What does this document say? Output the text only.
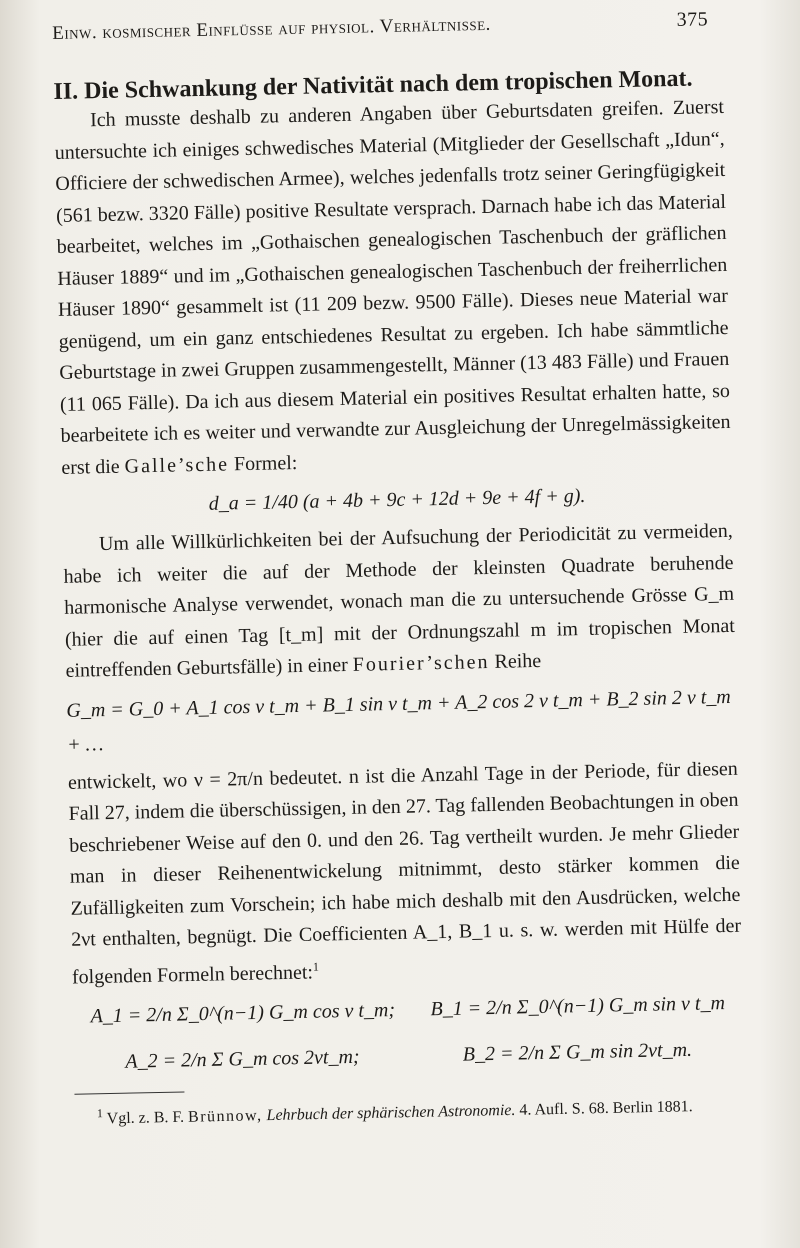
Einw. kosmischer Einflüsse auf physiol. Verhältnisse.	375
II. Die Schwankung der Nativität nach dem tropischen Monat.

Ich musste deshalb zu anderen Angaben über Geburtsdaten greifen. Zuerst untersuchte ich einiges schwedisches Material (Mitglieder der Gesellschaft „Idun“, Officiere der schwedischen Armee), welches jedenfalls trotz seiner Geringfügigkeit (561 bezw. 3320 Fälle) positive Resultate versprach. Darnach habe ich das Material bearbeitet, welches im „Gothaischen genealogischen Taschenbuch der gräflichen Häuser 1889“ und im „Gothaischen genealogischen Taschenbuch der freiherrlichen Häuser 1890“ gesammelt ist (11 209 bezw. 9500 Fälle). Dieses neue Material war genügend, um ein ganz entschiedenes Resultat zu ergeben. Ich habe sämmtliche Geburtstage in zwei Gruppen zusammengestellt, Männer (13 483 Fälle) und Frauen (11 065 Fälle). Da ich aus diesem Material ein positives Resultat erhalten hatte, so bearbeitete ich es weiter und verwandte zur Ausgleichung der Unregelmässigkeiten erst die Galle’sche Formel:

d_a = 1/40 (a + 4b + 9c + 12d + 9e + 4f + g).

Um alle Willkürlichkeiten bei der Aufsuchung der Periodicität zu vermeiden, habe ich weiter die auf der Methode der kleinsten Quadrate beruhende harmonische Analyse verwendet, wonach man die zu untersuchende Grösse G_m (hier die auf einen Tag [t_m] mit der Ordnungszahl m im tropischen Monat eintreffenden Geburtsfälle) in einer Fourier’schen Reihe

G_m = G_0 + A_1 cos ν t_m + B_1 sin ν t_m + A_2 cos 2 ν t_m + B_2 sin 2 ν t_m + …

entwickelt, wo ν = 2π/n bedeutet. n ist die Anzahl Tage in der Periode, für diesen Fall 27, indem die überschüssigen, in den 27. Tag fallenden Beobachtungen in oben beschriebener Weise auf den 0. und den 26. Tag vertheilt wurden. Je mehr Glieder man in dieser Reihenentwickelung mitnimmt, desto stärker kommen die Zufälligkeiten zum Vorschein; ich habe mich deshalb mit den Ausdrücken, welche 2νt enthalten, begnügt. Die Coefficienten A_1, B_1 u. s. w. werden mit Hülfe der folgenden Formeln berechnet:$^1$

A_1 = 2/n Σ_0^(n−1) G_m cos ν t_m; B_1 = 2/n Σ_0^(n−1) G_m sin ν t_m
A_2 = 2/n Σ G_m cos 2νt_m;	B_2 = 2/n Σ G_m sin 2νt_m.
$^1$ Vgl. z. B. F. Brünnow, Lehrbuch der sphärischen Astronomie. 4. Aufl. S. 68. Berlin 1881.
